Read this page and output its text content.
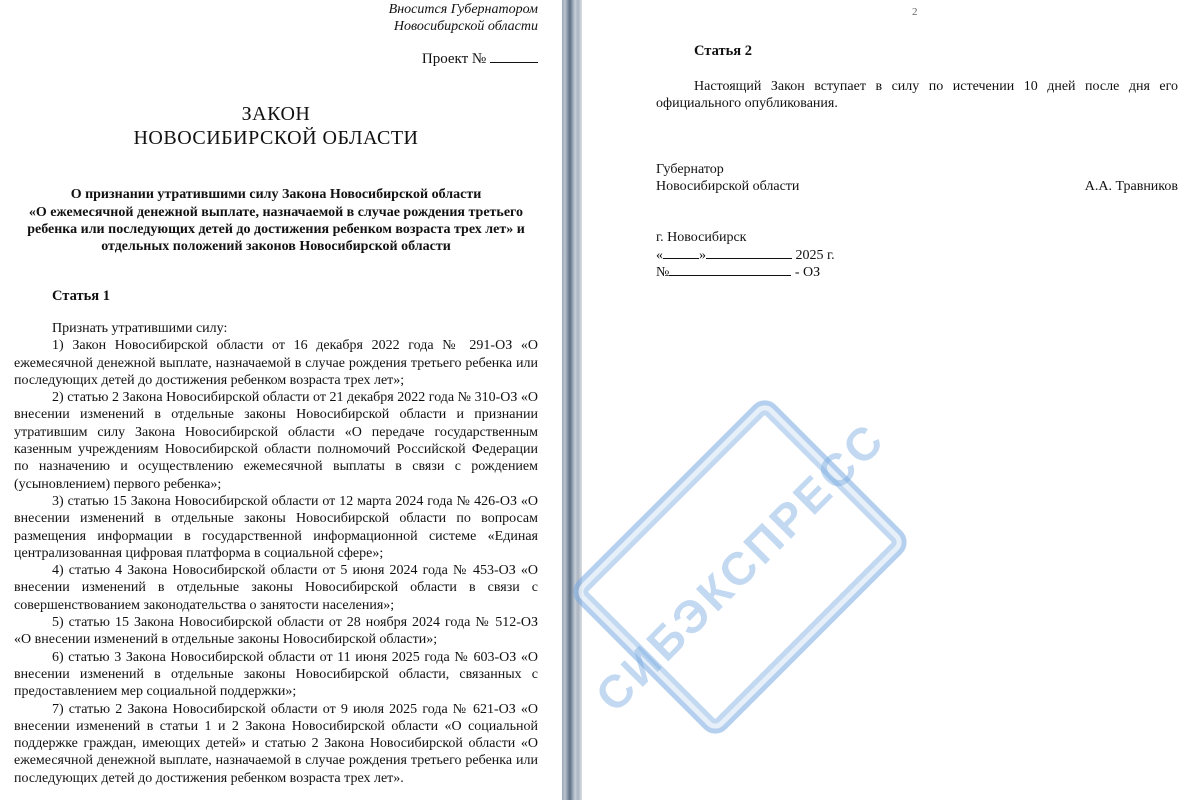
Вносится Губернатором

Новосибирской области

Проект №

ЗАКОН

НОВОСИБИРСКОЙ ОБЛАСТИ

О признании утратившими силу Закона Новосибирской области

«О ежемесячной денежной выплате, назначаемой в случае рождения третьего

ребенка или последующих детей до достижения ребенком возраста трех лет» и

отдельных положений законов Новосибирской области

Статья 1

Признать утратившими силу:

1) Закон Новосибирской области от 16 декабря 2022 года № 291-ОЗ «О ежемесячной денежной выплате, назначаемой в случае рождения третьего ребенка или последующих детей до достижения ребенком возраста трех лет»;

2) статью 2 Закона Новосибирской области от 21 декабря 2022 года № 310-ОЗ «О внесении изменений в отдельные законы Новосибирской области и признании утратившим силу Закона Новосибирской области «О передаче государственным казенным учреждениям Новосибирской области полномочий Российской Федерации по назначению и осуществлению ежемесячной выплаты в связи с рождением (усыновлением) первого ребенка»;

3) статью 15 Закона Новосибирской области от 12 марта 2024 года № 426-ОЗ «О внесении изменений в отдельные законы Новосибирской области по вопросам размещения информации в государственной информационной системе «Единая централизованная цифровая платформа в социальной сфере»;

4) статью 4 Закона Новосибирской области от 5 июня 2024 года № 453-ОЗ «О внесении изменений в отдельные законы Новосибирской области в связи с совершенствованием законодательства о занятости населения»;

5) статью 15 Закона Новосибирской области от 28 ноября 2024 года № 512-ОЗ «О внесении изменений в отдельные законы Новосибирской области»;

6) статью 3 Закона Новосибирской области от 11 июня 2025 года № 603-ОЗ «О внесении изменений в отдельные законы Новосибирской области, связанных с предоставлением мер социальной поддержки»;

7) статью 2 Закона Новосибирской области от 9 июля 2025 года № 621-ОЗ «О внесении изменений в статьи 1 и 2 Закона Новосибирской области «О социальной поддержке граждан, имеющих детей» и статью 2 Закона Новосибирской области «О ежемесячной денежной выплате, назначаемой в случае рождения третьего ребенка или последующих детей до достижения ребенком возраста трех лет».

2

Статья 2

Настоящий Закон вступает в силу по истечении 10 дней после дня его официального опубликования.

Губернатор

Новосибирской области	А.А. Травников

г. Новосибирск

«	»	2025 г.

№	- ОЗ

СИБЭКСПРЕСС
